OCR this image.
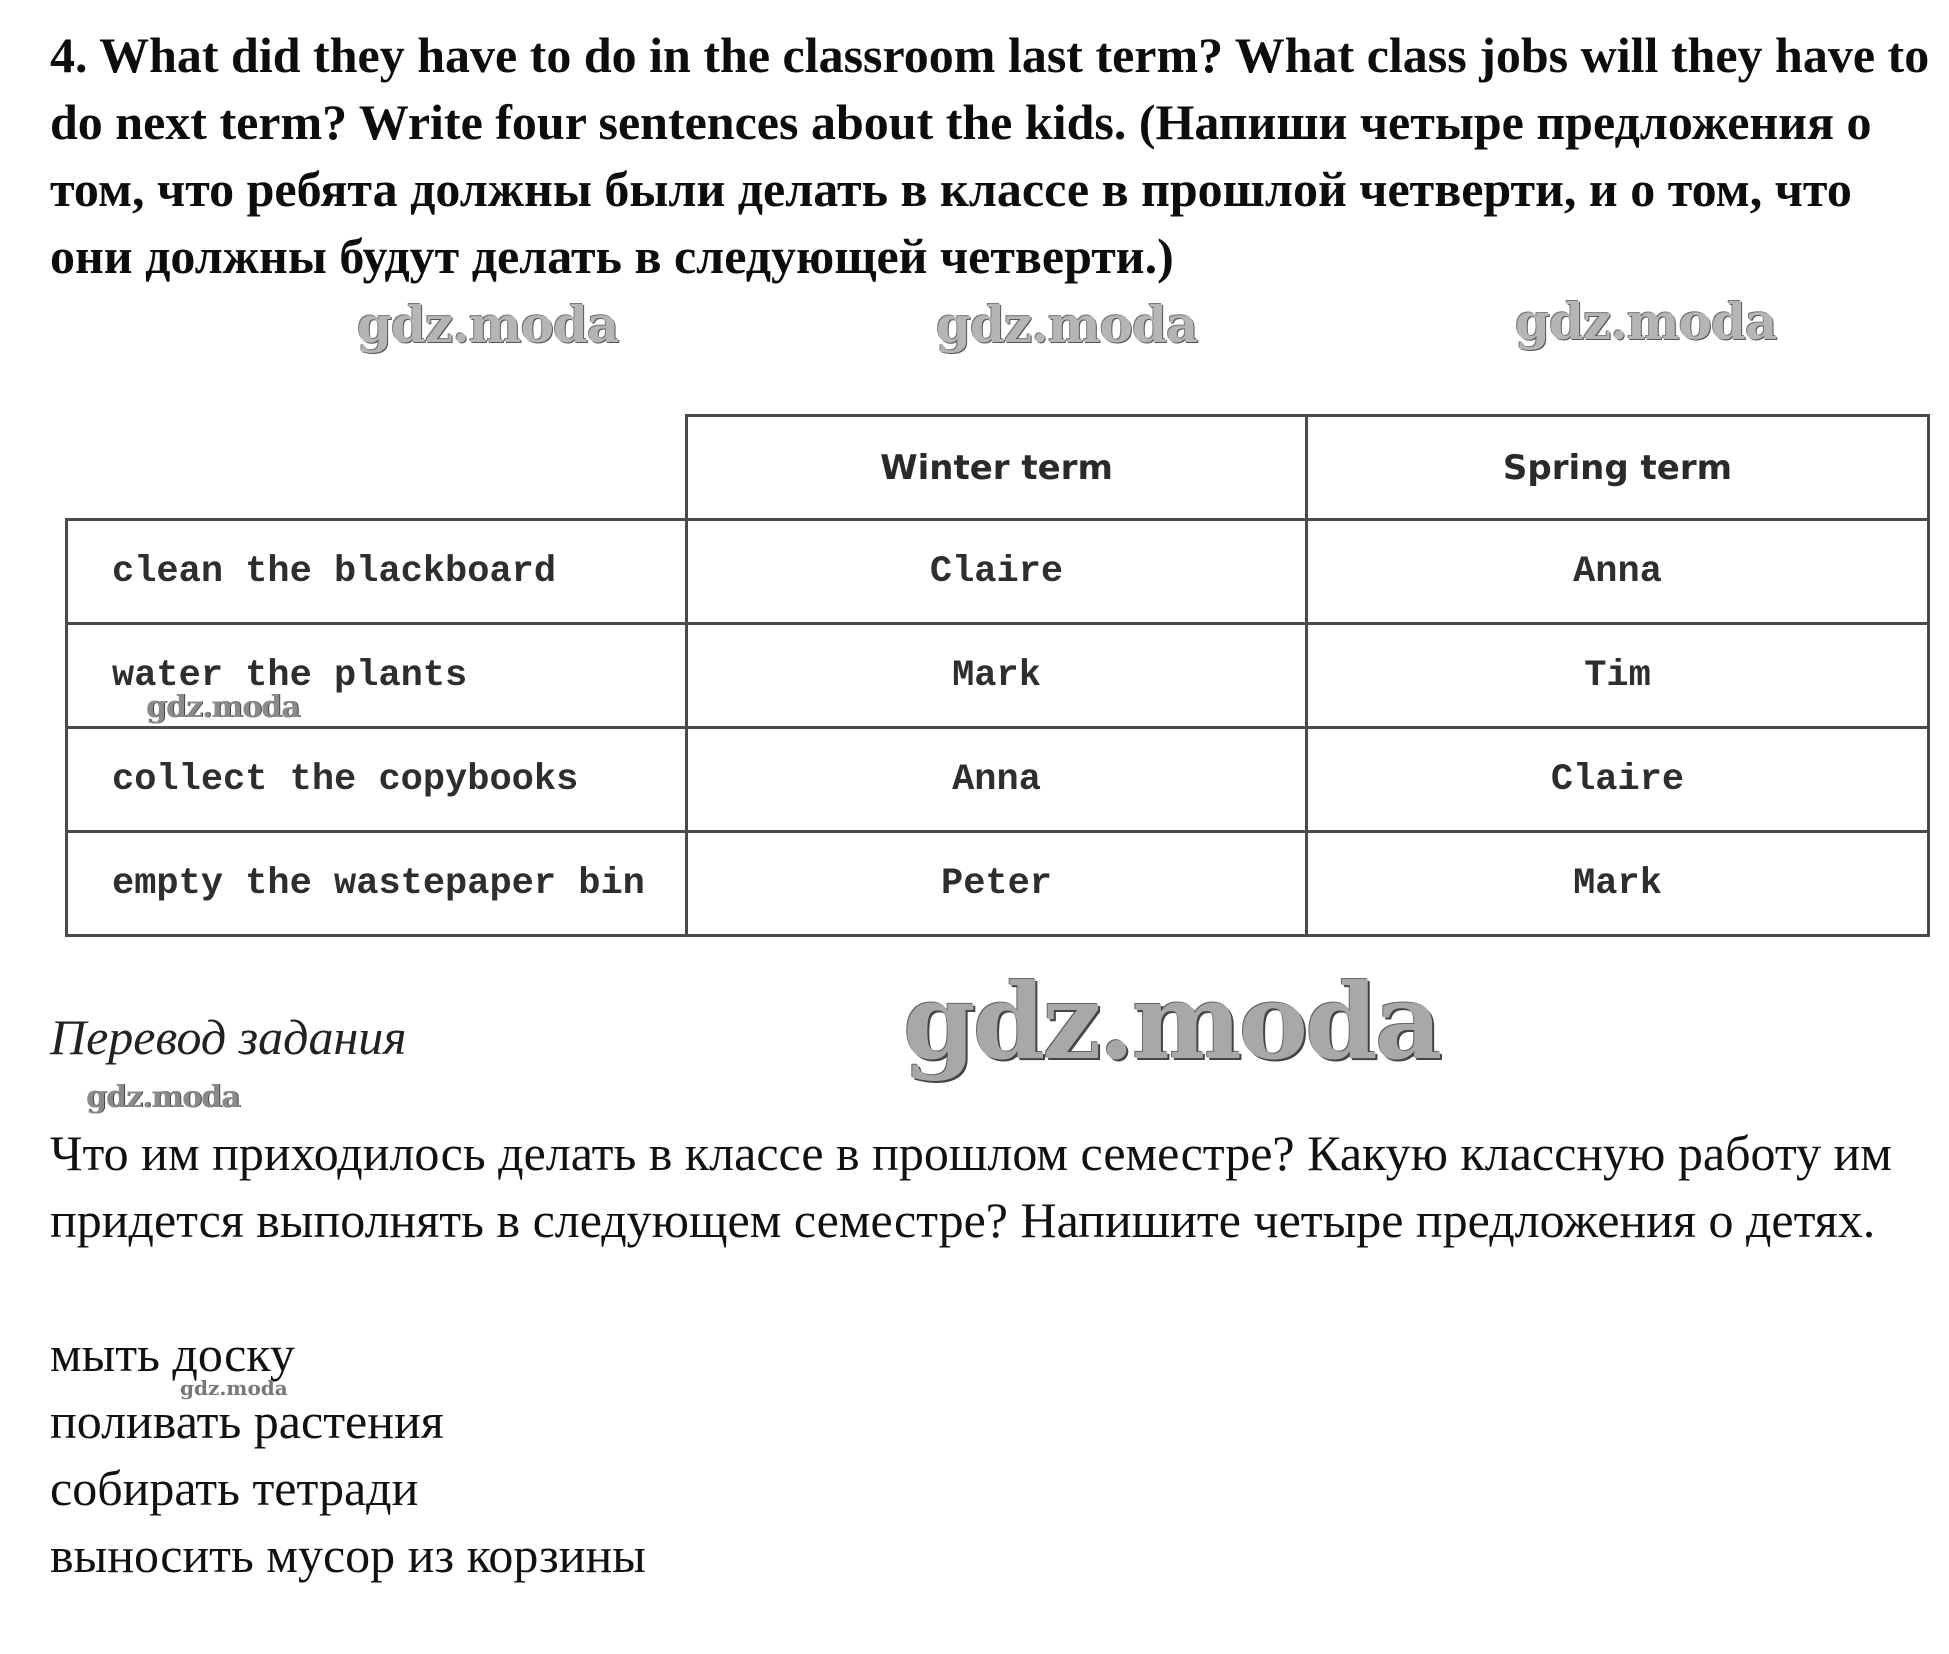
4. What did they have to do in the classroom last term? What class jobs will they have to do next term? Write four sentences about the kids. (Напиши четыре предложения о том, что ребята должны были делать в классе в прошлой четверти, и о том, что они должны будут делать в следующей четверти.)

gdz.moda	gdz.moda	gdz.moda
	Winter term	Spring term
clean the blackboard	Claire	Anna
water the plants	Mark	Tim
collect the copybooks	Anna	Claire
empty the wastepaper bin	Peter	Mark
gdz.moda
gdz.moda

Перевод задания

gdz.moda

Что им приходилось делать в классе в прошлом семестре? Какую классную работу им придется выполнять в следующем семестре? Напишите четыре предложения о детях.

мыть доску
поливать растения
собирать тетради
выносить мусор из корзины
gdz.moda
